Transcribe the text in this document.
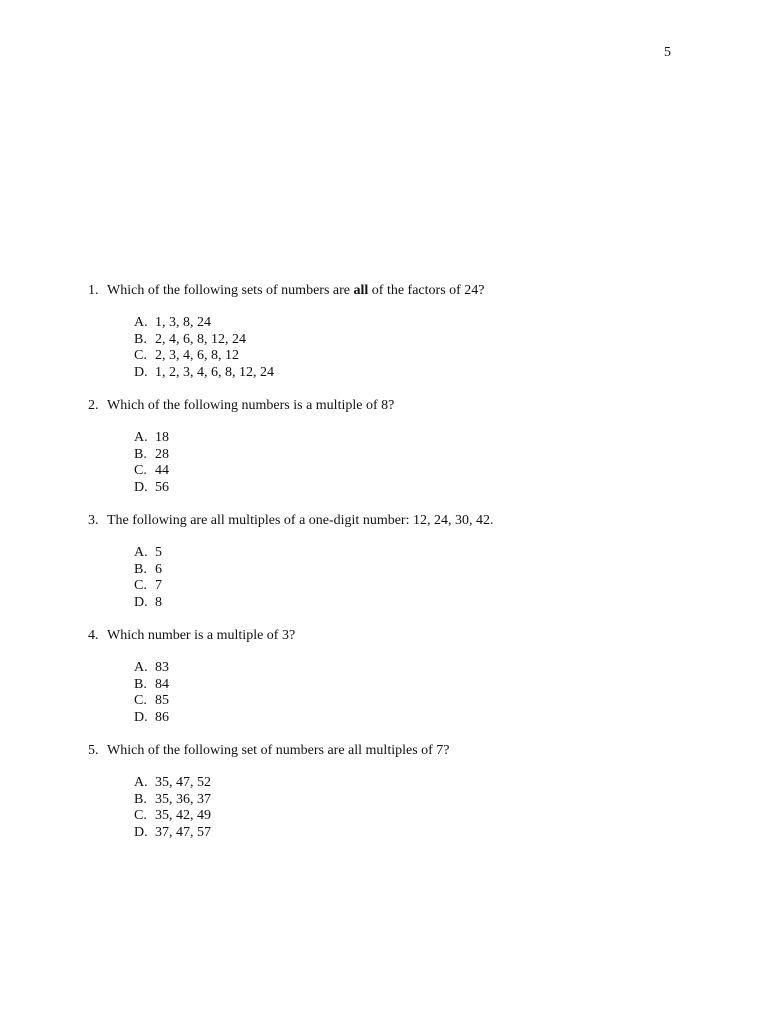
5
1. Which of the following sets of numbers are all of the factors of 24?
A. 1, 3, 8, 24
B. 2, 4, 6, 8, 12, 24
C. 2, 3, 4, 6, 8, 12
D. 1, 2, 3, 4, 6, 8, 12, 24
2. Which of the following numbers is a multiple of 8?
A. 18
B. 28
C. 44
D. 56
3. The following are all multiples of a one-digit number: 12, 24, 30, 42.
A. 5
B. 6
C. 7
D. 8
4. Which number is a multiple of 3?
A. 83
B. 84
C. 85
D. 86
5. Which of the following set of numbers are all multiples of 7?
A. 35, 47, 52
B. 35, 36, 37
C. 35, 42, 49
D. 37, 47, 57
